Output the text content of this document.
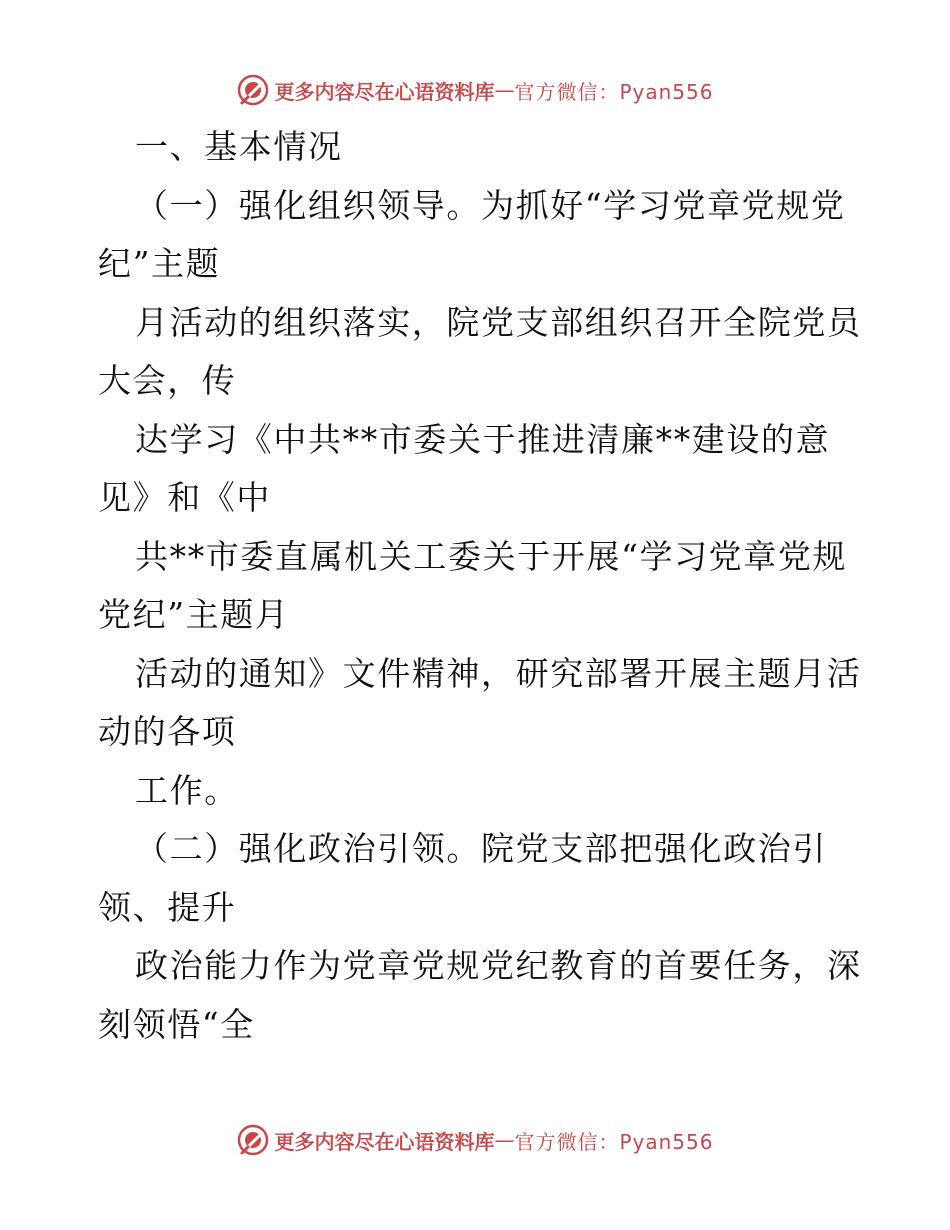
更多内容尽在心语资料库 — 官方微信：Pyan556
一、基本情况
（一）强化组织领导。为抓好“学习党章党规党
纪”主题
月活动的组织落实，院党支部组织召开全院党员
大会，传
达学习《中共**市委关于推进清廉**建设的意
见》和《中
共**市委直属机关工委关于开展“学习党章党规
党纪”主题月
活动的通知》文件精神，研究部署开展主题月活
动的各项
工作。
（二）强化政治引领。院党支部把强化政治引
领、提升
政治能力作为党章党规党纪教育的首要任务，深
刻领悟“全
更多内容尽在心语资料库 — 官方微信：Pyan556
